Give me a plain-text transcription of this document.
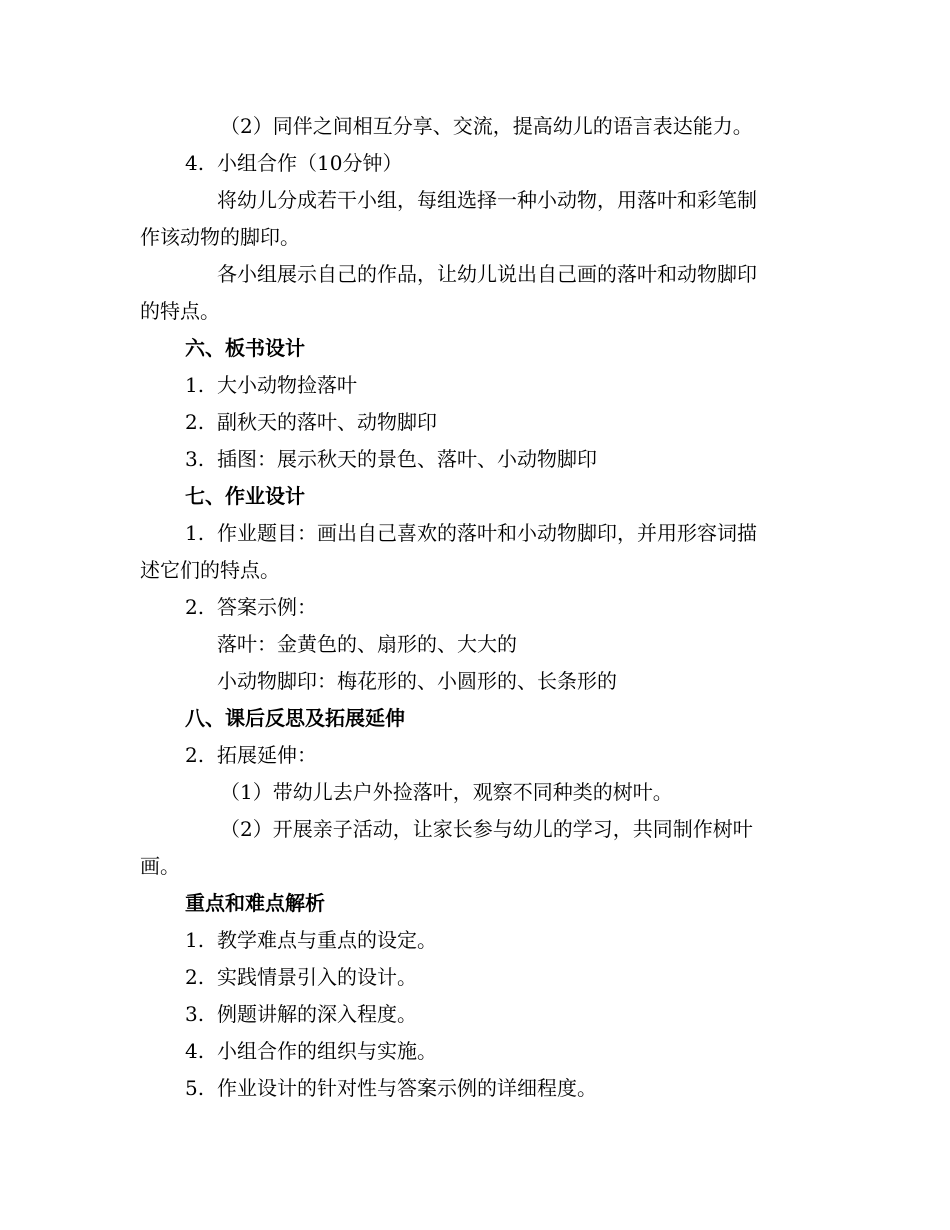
（2）同伴之间相互分享、交流，提高幼儿的语言表达能力。
4. 小组合作（10分钟）
将幼儿分成若干小组，每组选择一种小动物，用落叶和彩笔制
作该动物的脚印。
各小组展示自己的作品，让幼儿说出自己画的落叶和动物脚印
的特点。
六、板书设计
1. 大小动物捡落叶
2. 副秋天的落叶、动物脚印
3. 插图：展示秋天的景色、落叶、小动物脚印
七、作业设计
1. 作业题目：画出自己喜欢的落叶和小动物脚印，并用形容词描
述它们的特点。
2. 答案示例：
落叶：金黄色的、扇形的、大大的
小动物脚印：梅花形的、小圆形的、长条形的
八、课后反思及拓展延伸
2. 拓展延伸：
（1）带幼儿去户外捡落叶，观察不同种类的树叶。
（2）开展亲子活动，让家长参与幼儿的学习，共同制作树叶
画。
重点和难点解析
1. 教学难点与重点的设定。
2. 实践情景引入的设计。
3. 例题讲解的深入程度。
4. 小组合作的组织与实施。
5. 作业设计的针对性与答案示例的详细程度。
